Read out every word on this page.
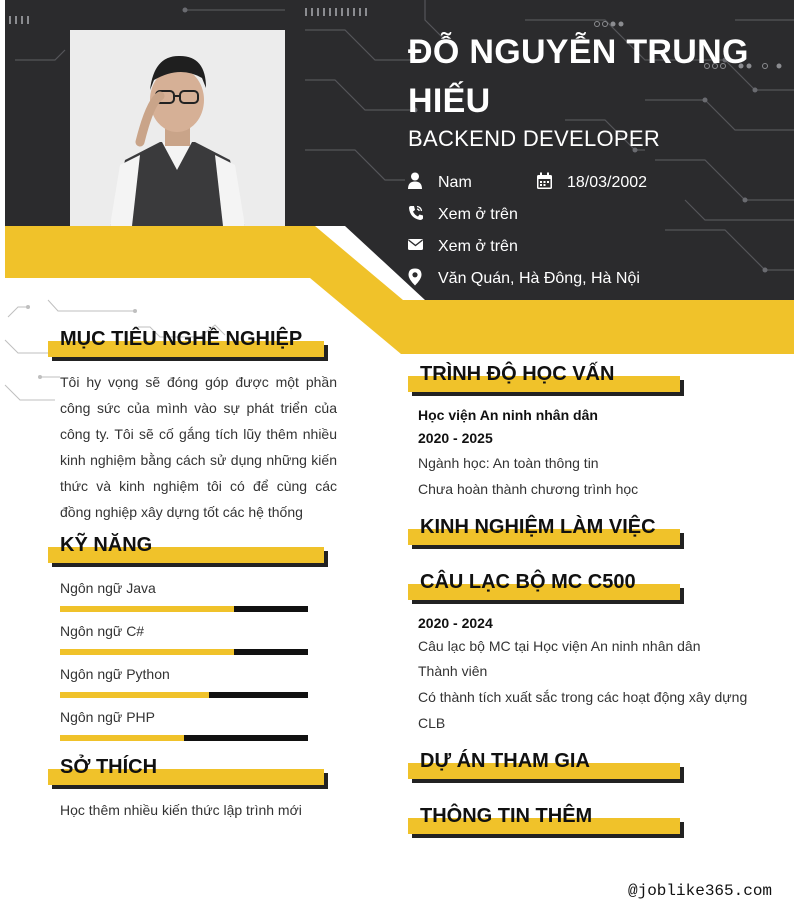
ĐỖ NGUYỄN TRUNG HIẾU
BACKEND DEVELOPER
Nam	18/03/2002
Xem ở trên
Xem ở trên
Văn Quán, Hà Đông, Hà Nội
MỤC TIÊU NGHỀ NGHIỆP
Tôi hy vọng sẽ đóng góp được một phần công sức của mình vào sự phát triển của công ty. Tôi sẽ cố gắng tích lũy thêm nhiều kinh nghiệm bằng cách sử dụng những kiến thức và kinh nghiệm tôi có để cùng các đồng nghiệp xây dựng tốt các hệ thống
KỸ NĂNG
Ngôn ngữ Java
Ngôn ngữ C#
Ngôn ngữ Python
Ngôn ngữ PHP
SỞ THÍCH
Học thêm nhiều kiến thức lập trình mới
TRÌNH ĐỘ HỌC VẤN
Học viện An ninh nhân dân
2020 - 2025
Ngành học: An toàn thông tin
Chưa hoàn thành chương trình học
KINH NGHIỆM LÀM VIỆC
CÂU LẠC BỘ MC C500
2020 - 2024
Câu lạc bộ MC tại Học viện An ninh nhân dân
Thành viên
Có thành tích xuất sắc trong các hoạt động xây dựng
CLB
DỰ ÁN THAM GIA
THÔNG TIN THÊM
@joblike365.com
